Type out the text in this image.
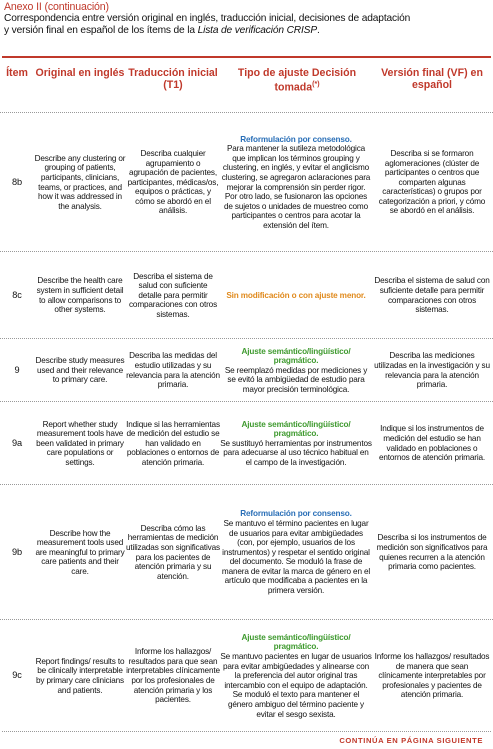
Anexo II (continuación)
Correspondencia entre versión original en inglés, traducción inicial, decisiones de adaptación
y versión final en español de los ítems de la Lista de verificación CRISP.
Ítem Original en inglés Traducción inicial (T1)
Tipo de ajuste Decisión tomada(*)
Versión final (VF) en español
8b
Describe any clustering or grouping of patients, participants, clinicians, teams, or practices, and how it was addressed in the analysis.
Describa cualquier agrupamiento o agrupación de pacientes, participantes, médicas/os, equipos o prácticas, y cómo se abordó en el análisis.
Reformulación por consenso.
Para mantener la sutileza metodológica que implican los términos grouping y clustering, en inglés, y evitar el anglicismo clustering, se agregaron aclaraciones para mejorar la comprensión sin perder rigor. Por otro lado, se fusionaron las opciones de sujetos o unidades de muestreo como participantes o centros para acotar la extensión del ítem.
Describa si se formaron aglomeraciones (clúster de participantes o centros que comparten algunas características) o grupos por categorización a priori, y cómo se abordó en el análisis.
8c
Describe the health care system in sufficient detail to allow comparisons to other systems.
Describa el sistema de salud con suficiente detalle para permitir comparaciones con otros sistemas.
Sin modificación o con ajuste menor.
Describa el sistema de salud con suficiente detalle para permitir comparaciones con otros sistemas.
9
Describe study measures used and their relevance to primary care.
Describa las medidas del estudio utilizadas y su relevancia para la atención primaria.
Ajuste semántico/lingüístico/ pragmático.
Se reemplazó medidas por mediciones y se evitó la ambigüedad de estudio para mayor precisión terminológica.
Describa las mediciones utilizadas en la investigación y su relevancia para la atención primaria.
9a
Report whether study measurement tools have been validated in primary care populations or settings.
Indique si las herramientas de medición del estudio se han validado en poblaciones o entornos de atención primaria.
Ajuste semántico/lingüístico/ pragmático.
Se sustituyó herramientas por instrumentos para adecuarse al uso técnico habitual en el campo de la investigación.
Indique si los instrumentos de medición del estudio se han validado en poblaciones o entornos de atención primaria.
9b
Describe how the measurement tools used are meaningful to primary care patients and their care.
Describa cómo las herramientas de medición utilizadas son significativas para los pacientes de atención primaria y su atención.
Reformulación por consenso.
Se mantuvo el término pacientes en lugar de usuarios para evitar ambigüedades (con, por ejemplo, usuarios de los instrumentos) y respetar el sentido original del documento. Se moduló la frase de manera de evitar la marca de género en el artículo que modificaba a pacientes en la primera versión.
Describa si los instrumentos de medición son significativos para quienes recurren a la atención primaria como pacientes.
9c
Report findings/ results to be clinically interpretable by primary care clinicians and patients.
Informe los hallazgos/ resultados para que sean interpretables clínicamente por los profesionales de atención primaria y los pacientes.
Ajuste semántico/lingüístico/ pragmático.
Se mantuvo pacientes en lugar de usuarios para evitar ambigüedades y alinearse con la preferencia del autor original tras intercambio con el equipo de adaptación. Se moduló el texto para mantener el género ambiguo del término paciente y evitar el sesgo sexista.
Informe los hallazgos/ resultados de manera que sean clínicamente interpretables por profesionales y pacientes de atención primaria.
CONTINÚA EN PÁGINA SIGUIENTE
